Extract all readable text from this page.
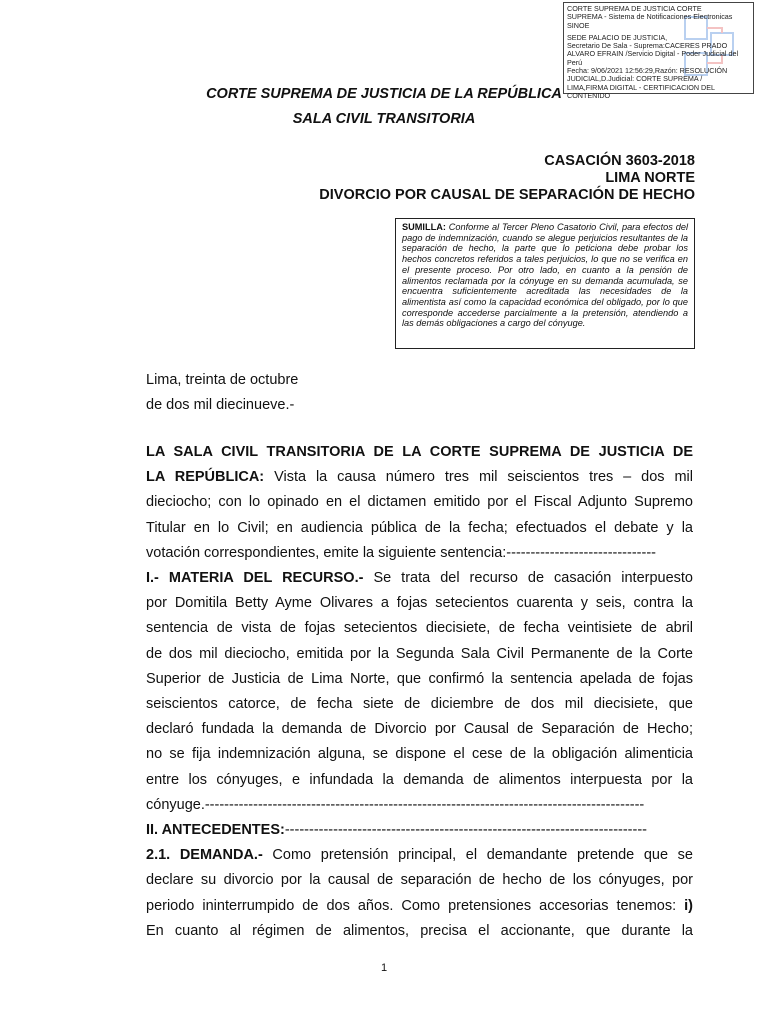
CORTE SUPREMA DE JUSTICIA CORTE
SUPREMA - Sistema de Notificaciones Electronicas
SINOE
SEDE PALACIO DE JUSTICIA,
Secretario De Sala - Suprema:CACERES PRADO
ALVARO EFRAIN /Servicio Digital - Poder Judicial del
Perú
Fecha: 9/06/2021 12:56:29,Razón: RESOLUCIÓN
JUDICIAL,D.Judicial: CORTE SUPREMA /
LIMA,FIRMA DIGITAL - CERTIFICACION DEL
CONTENIDO
CORTE SUPREMA DE JUSTICIA DE LA REPÚBLICA
SALA CIVIL TRANSITORIA
CASACIÓN 3603-2018
LIMA NORTE
DIVORCIO POR CAUSAL DE SEPARACIÓN DE HECHO
SUMILLA: Conforme al Tercer Pleno Casatorio Civil, para efectos del pago de indemnización, cuando se alegue perjuicios resultantes de la separación de hecho, la parte que lo peticiona debe probar los hechos concretos referidos a tales perjuicios, lo que no se verifica en el presente proceso. Por otro lado, en cuanto a la pensión de alimentos reclamada por la cónyuge en su demanda acumulada, se encuentra suficientemente acreditada las necesidades de la alimentista así como la capacidad económica del obligado, por lo que corresponde accederse parcialmente a la pretensión, atendiendo a las demás obligaciones a cargo del cónyuge.
Lima, treinta de octubre
de dos mil diecinueve.-

LA SALA CIVIL TRANSITORIA DE LA CORTE SUPREMA DE JUSTICIA DE

LA REPÚBLICA: Vista la causa número tres mil seiscientos tres – dos mil

dieciocho; con lo opinado en el dictamen emitido por el Fiscal Adjunto Supremo

Titular en lo Civil; en audiencia pública de la fecha; efectuados el debate y la

votación correspondientes, emite la siguiente sentencia:-------------------------------

I.- MATERIA DEL RECURSO.- Se trata del recurso de casación interpuesto

por Domitila Betty Ayme Olivares a fojas setecientos cuarenta y seis, contra la

sentencia de vista de fojas setecientos diecisiete, de fecha veintisiete de abril

de dos mil dieciocho, emitida por la Segunda Sala Civil Permanente de la Corte

Superior de Justicia de Lima Norte, que confirmó la sentencia apelada de fojas

seiscientos catorce, de fecha siete de diciembre de dos mil diecisiete, que

declaró fundada la demanda de Divorcio por Causal de Separación de Hecho;

no se fija indemnización alguna, se dispone el cese de la obligación alimenticia

entre los cónyuges, e infundada la demanda de alimentos interpuesta por la

cónyuge.-------------------------------------------------------------------------------------------

II. ANTECEDENTES:---------------------------------------------------------------------------

2.1. DEMANDA.- Como pretensión principal, el demandante pretende que se

declare su divorcio por la causal de separación de hecho de los cónyuges, por

periodo ininterrumpido de dos años. Como pretensiones accesorias tenemos: i)

En cuanto al régimen de alimentos, precisa el accionante, que durante la

1
